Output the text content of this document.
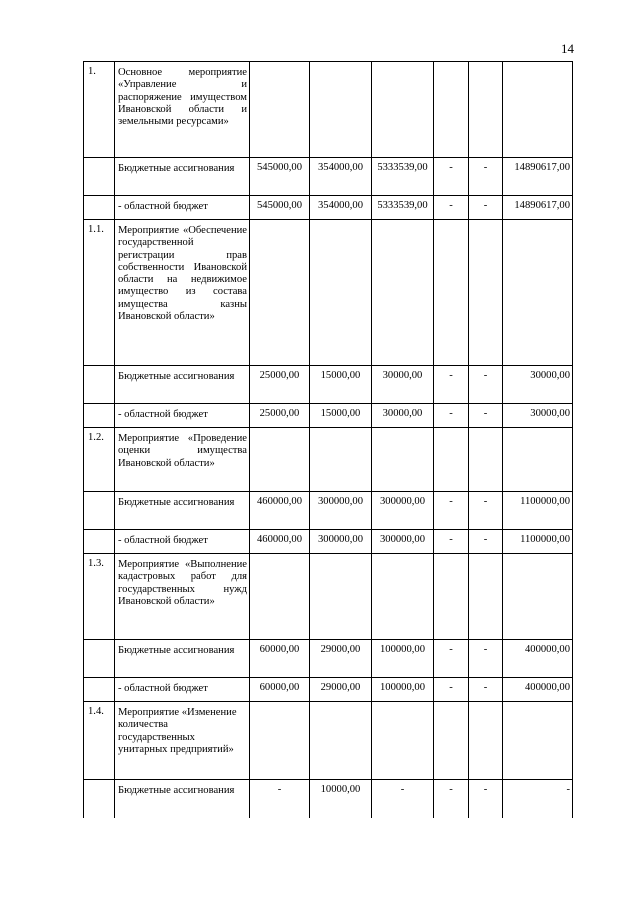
14
1.	Основное мероприятие «Управление и распоряжение имуществом Ивановской области и земельными ресурсами»						
	Бюджетные ассигнования	545000,00	354000,00	5333539,00	-	-	14890617,00
	- областной бюджет	545000,00	354000,00	5333539,00	-	-	14890617,00
1.1.	Мероприятие «Обеспечение государственной регистрации прав собственности Ивановской области на недвижимое имущество из состава имущества казны Ивановской области»						
	Бюджетные ассигнования	25000,00	15000,00	30000,00	-	-	30000,00
	- областной бюджет	25000,00	15000,00	30000,00	-	-	30000,00
1.2.	Мероприятие «Проведение оценки имущества Ивановской области»						
	Бюджетные ассигнования	460000,00	300000,00	300000,00	-	-	1100000,00
	- областной бюджет	460000,00	300000,00	300000,00	-	-	1100000,00
1.3.	Мероприятие «Выполнение кадастровых работ для государственных нужд Ивановской области»						
	Бюджетные ассигнования	60000,00	29000,00	100000,00	-	-	400000,00
	- областной бюджет	60000,00	29000,00	100000,00	-	-	400000,00
1.4.	Мероприятие «Изменение количества государственных унитарных предприятий»						
	Бюджетные ассигнования	-	10000,00	-	-	-	-
